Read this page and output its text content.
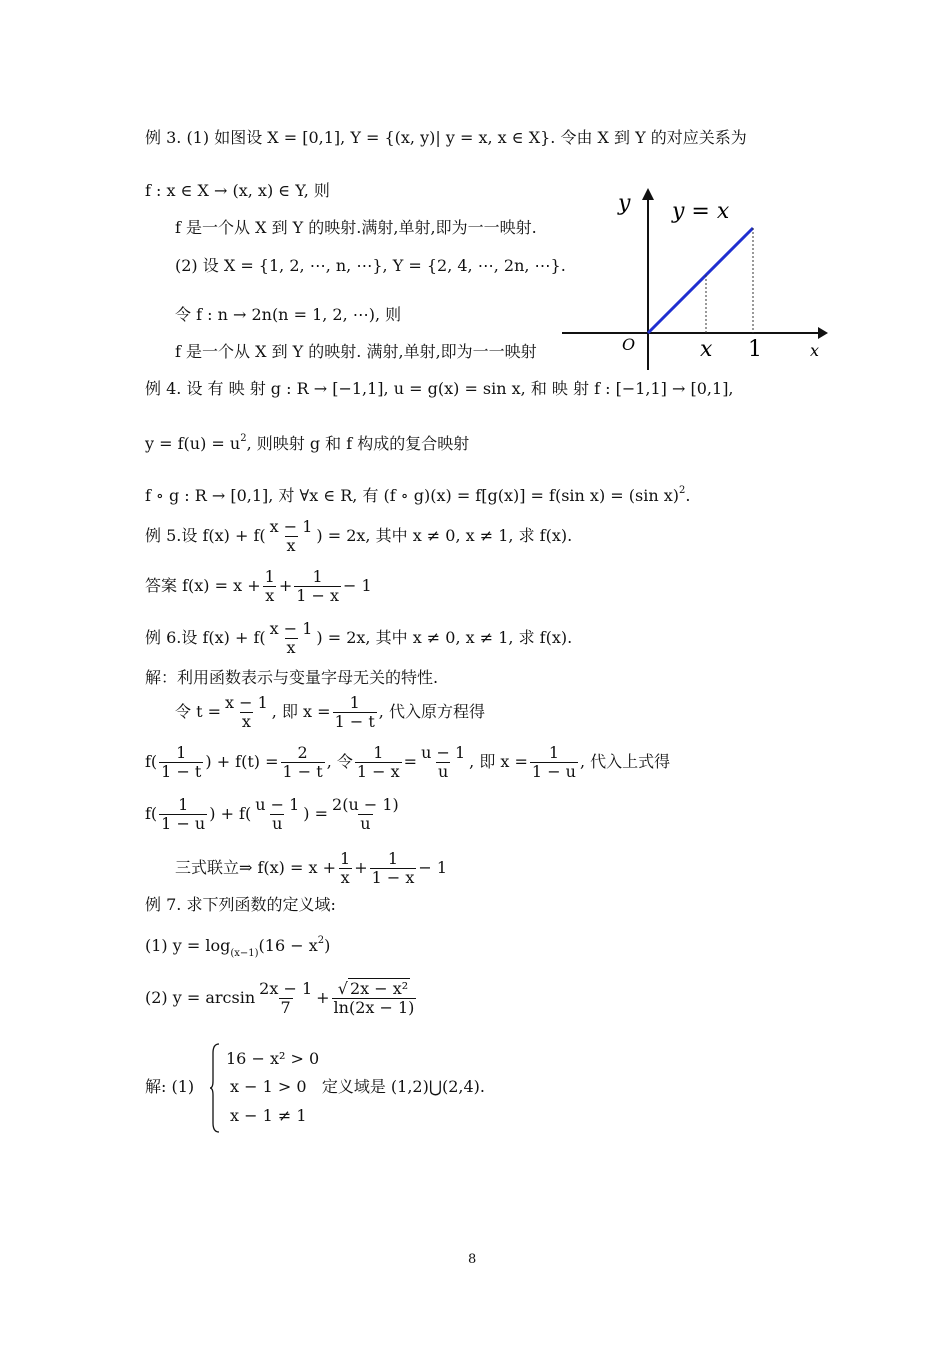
例 3. (1) 如图设 X = [0,1], Y = {(x, y)| y = x, x ∈ X}. 令由 X 到 Y 的对应关系为
f : x ∈ X → (x, x) ∈ Y, 则
f 是一个从 X 到 Y 的映射.满射,单射,即为一一映射.
(2) 设 X = {1, 2, ⋯, n, ⋯}, Y = {2, 4, ⋯, 2n, ⋯}.
令 f : n → 2n(n = 1, 2, ⋯), 则
f 是一个从 X 到 Y 的映射. 满射,单射,即为一一映射
y y = x
O	x 1	x
例 4. 设 有 映 射 g : R → [−1,1], u = g(x) = sin x, 和 映 射 f : [−1,1] → [0,1],
$y = f(u) = u^2$, 则映射 g 和 f 构成的复合映射
f ∘ g : R → [0,1], 对 ∀x ∈ R, 有 (f ∘ g)(x) = f[g(x)] = f(sin x) = (sin x)$^2$.
例 5.设 $f(x) + f( \frac{x - 1}{x}$ ) = 2x, 其中 x ≠ 0, x ≠ 1, 求 f(x).
答案 $f(x) = x + \frac{1}{x} + \frac{1}{1 - x} - 1$
例 6.设 $f(x) + f( \frac{x - 1}{x}$ ) = 2x, 其中 x ≠ 0, x ≠ 1, 求 f(x).
解：利用函数表示与变量字母无关的特性.
令 $t = \frac{x - 1}{x}$ , 即 $x = \frac{1}{1 - t}$ , 代入原方程得
$f( \frac{1}{1 - t}$ ) + $f(t) = \frac{2}{1 - t}$ , 令 $\frac{1}{1 - x} = \frac{u - 1}{u}$ , 即 $x = \frac{1}{1 - u}$ , 代入上式得
$f( \frac{1}{1 - u}$ ) + $f( \frac{u - 1}{u}$ ) = $\frac{2(u - 1)}{u}$
三式联立⇒ $f(x) = x + \frac{1}{x} + \frac{1}{1 - x} - 1$
例 7. 求下列函数的定义域:
(1) $y = \log_{(x-1)}(16 - x^2)$
(2) $y = \arcsin \frac{2x - 1}{7} + \frac{\text{√ 2x − x²}}{\ln(2x - 1)}$
解: (1)
16 − x² > 0
x − 1 > 0 定义域是 (1,2)⋃(2,4).
x − 1 ≠ 1
8
